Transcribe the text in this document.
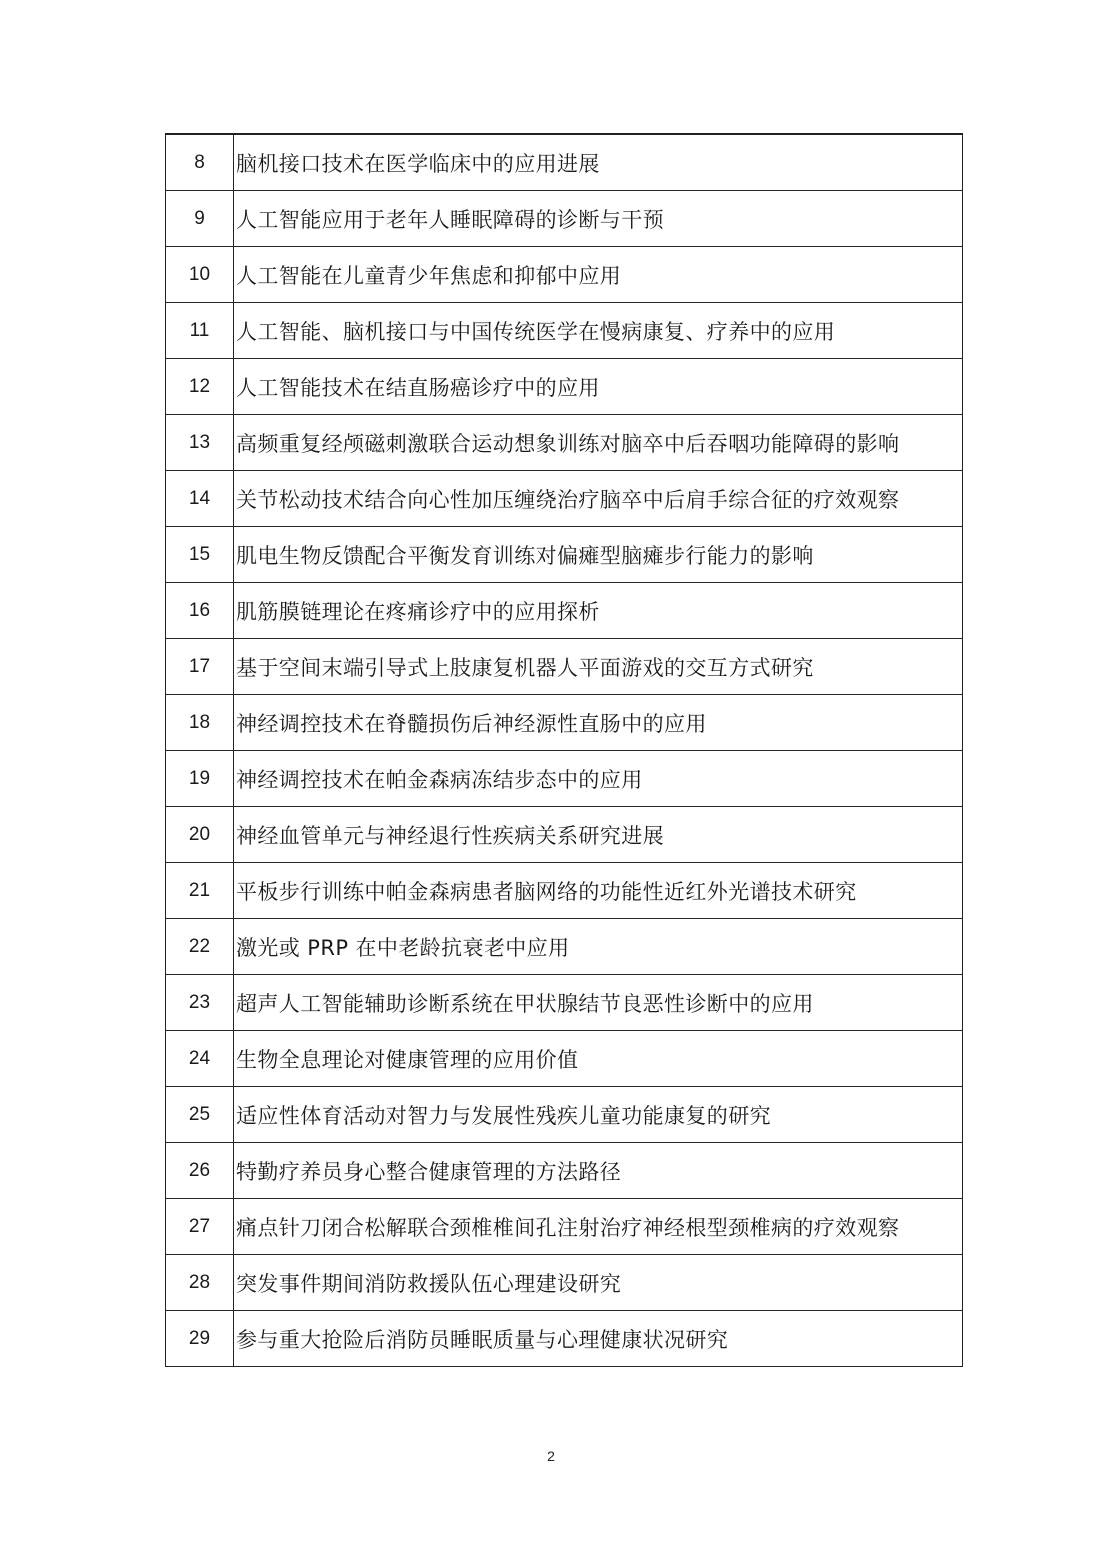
8	脑机接口技术在医学临床中的应用进展
9	人工智能应用于老年人睡眠障碍的诊断与干预
10	人工智能在儿童青少年焦虑和抑郁中应用
11	人工智能、脑机接口与中国传统医学在慢病康复、疗养中的应用
12	人工智能技术在结直肠癌诊疗中的应用
13	高频重复经颅磁刺激联合运动想象训练对脑卒中后吞咽功能障碍的影响
14	关节松动技术结合向心性加压缠绕治疗脑卒中后肩手综合征的疗效观察
15	肌电生物反馈配合平衡发育训练对偏瘫型脑瘫步行能力的影响
16	肌筋膜链理论在疼痛诊疗中的应用探析
17	基于空间末端引导式上肢康复机器人平面游戏的交互方式研究
18	神经调控技术在脊髓损伤后神经源性直肠中的应用
19	神经调控技术在帕金森病冻结步态中的应用
20	神经血管单元与神经退行性疾病关系研究进展
21	平板步行训练中帕金森病患者脑网络的功能性近红外光谱技术研究
22	激光或 PRP 在中老龄抗衰老中应用
23	超声人工智能辅助诊断系统在甲状腺结节良恶性诊断中的应用
24	生物全息理论对健康管理的应用价值
25	适应性体育活动对智力与发展性残疾儿童功能康复的研究
26	特勤疗养员身心整合健康管理的方法路径
27	痛点针刀闭合松解联合颈椎椎间孔注射治疗神经根型颈椎病的疗效观察
28	突发事件期间消防救援队伍心理建设研究
29	参与重大抢险后消防员睡眠质量与心理健康状况研究
2
